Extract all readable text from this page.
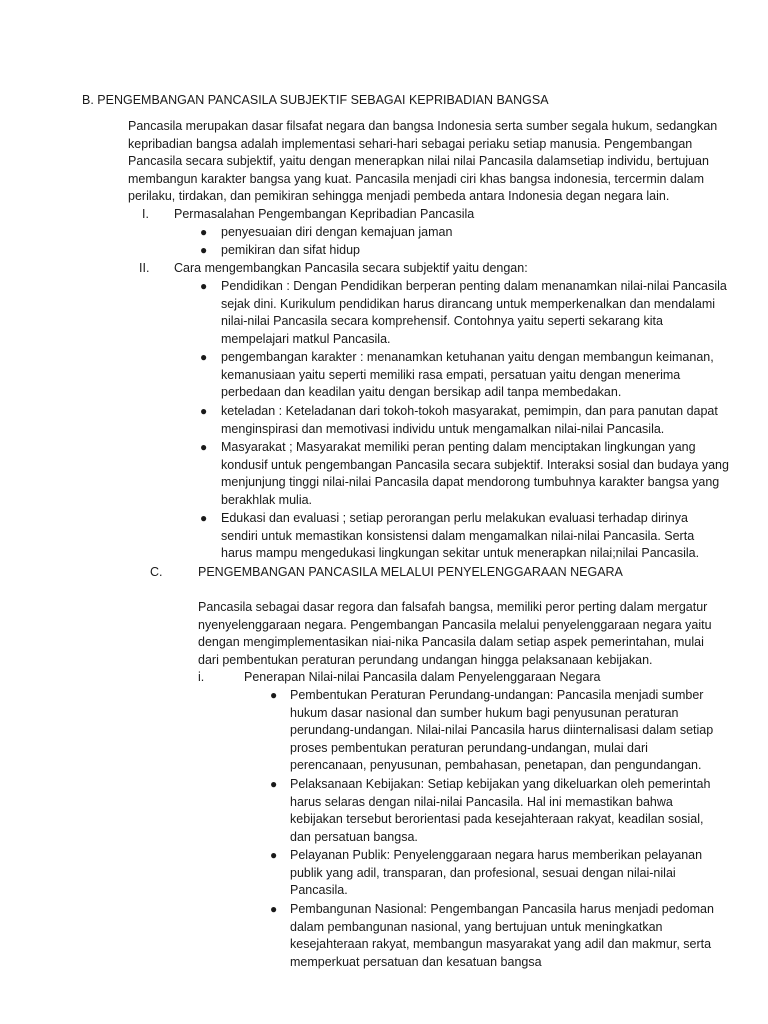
B. PENGEMBANGAN PANCASILA SUBJEKTIF SEBAGAI KEPRIBADIAN BANGSA
Pancasila merupakan dasar filsafat negara dan bangsa Indonesia serta sumber segala hukum, sedangkan
kepribadian bangsa adalah implementasi sehari-hari sebagai periaku setiap manusia. Pengembangan
Pancasila secara subjektif, yaitu dengan menerapkan nilai nilai Pancasila dalamsetiap individu, bertujuan
membangun karakter bangsa yang kuat. Pancasila menjadi ciri khas bangsa indonesia, tercermin dalam
perilaku, tirdakan, dan pemikiran sehingga menjadi pembeda antara Indonesia degan negara lain.
I. Permasalahan Pengembangan Kepribadian Pancasila
● penyesuaian diri dengan kemajuan jaman
● pemikiran dan sifat hidup
II. Cara mengembangkan Pancasila secara subjektif yaitu dengan:
● Pendidikan : Dengan Pendidikan berperan penting dalam menanamkan nilai-nilai Pancasila
sejak dini. Kurikulum pendidikan harus dirancang untuk memperkenalkan dan mendalami
nilai-nilai Pancasila secara komprehensif. Contohnya yaitu seperti sekarang kita
mempelajari matkul Pancasila.
● pengembangan karakter : menanamkan ketuhanan yaitu dengan membangun keimanan,
kemanusiaan yaitu seperti memiliki rasa empati, persatuan yaitu dengan menerima
perbedaan dan keadilan yaitu dengan bersikap adil tanpa membedakan.
● keteladan : Keteladanan dari tokoh-tokoh masyarakat, pemimpin, dan para panutan dapat
menginspirasi dan memotivasi individu untuk mengamalkan nilai-nilai Pancasila.
● Masyarakat ; Masyarakat memiliki peran penting dalam menciptakan lingkungan yang
kondusif untuk pengembangan Pancasila secara subjektif. Interaksi sosial dan budaya yang
menjunjung tinggi nilai-nilai Pancasila dapat mendorong tumbuhnya karakter bangsa yang
berakhlak mulia.
● Edukasi dan evaluasi ; setiap perorangan perlu melakukan evaluasi terhadap dirinya
sendiri untuk memastikan konsistensi dalam mengamalkan nilai-nilai Pancasila. Serta
harus mampu mengedukasi lingkungan sekitar untuk menerapkan nilai;nilai Pancasila.
C.	PENGEMBANGAN PANCASILA MELALUI PENYELENGGARAAN NEGARA
Pancasila sebagai dasar regora dan falsafah bangsa, memiliki peror perting dalam mergatur
nyenyelenggaraan negara. Pengembangan Pancasila melalui penyelenggaraan negara yaitu
dengan mengimplementasikan niai-nika Pancasila dalam setiap aspek pemerintahan, mulai
dari pembentukan peraturan perundang undangan hingga pelaksanaan kebijakan.
i.	Penerapan Nilai-nilai Pancasila dalam Penyelenggaraan Negara
● Pembentukan Peraturan Perundang-undangan: Pancasila menjadi sumber
hukum dasar nasional dan sumber hukum bagi penyusunan peraturan
perundang-undangan. Nilai-nilai Pancasila harus diinternalisasi dalam setiap
proses pembentukan peraturan perundang-undangan, mulai dari
perencanaan, penyusunan, pembahasan, penetapan, dan pengundangan.
● Pelaksanaan Kebijakan: Setiap kebijakan yang dikeluarkan oleh pemerintah
harus selaras dengan nilai-nilai Pancasila. Hal ini memastikan bahwa
kebijakan tersebut berorientasi pada kesejahteraan rakyat, keadilan sosial,
dan persatuan bangsa.
● Pelayanan Publik: Penyelenggaraan negara harus memberikan pelayanan
publik yang adil, transparan, dan profesional, sesuai dengan nilai-nilai
Pancasila.
● Pembangunan Nasional: Pengembangan Pancasila harus menjadi pedoman
dalam pembangunan nasional, yang bertujuan untuk meningkatkan
kesejahteraan rakyat, membangun masyarakat yang adil dan makmur, serta
memperkuat persatuan dan kesatuan bangsa
